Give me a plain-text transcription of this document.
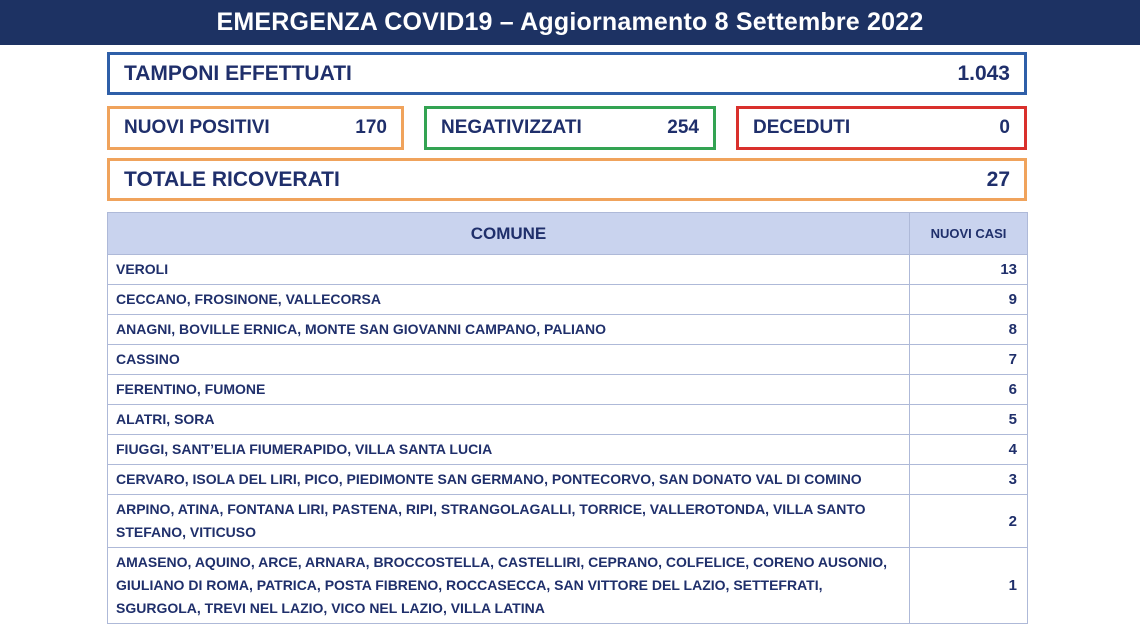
EMERGENZA COVID19 – Aggiornamento 8 Settembre 2022
TAMPONI EFFETTUATI	1.043
NUOVI POSITIVI	170	NEGATIVIZZATI	254	DECEDUTI	0
TOTALE RICOVERATI	27
COMUNE	NUOVI CASI
VEROLI	13
CECCANO, FROSINONE, VALLECORSA	9
ANAGNI, BOVILLE ERNICA, MONTE SAN GIOVANNI CAMPANO, PALIANO	8
CASSINO	7
FERENTINO, FUMONE	6
ALATRI, SORA	5
FIUGGI, SANT’ELIA FIUMERAPIDO, VILLA SANTA LUCIA	4
CERVARO, ISOLA DEL LIRI, PICO, PIEDIMONTE SAN GERMANO, PONTECORVO, SAN DONATO VAL DI COMINO	3
ARPINO, ATINA, FONTANA LIRI, PASTENA, RIPI, STRANGOLAGALLI, TORRICE, VALLEROTONDA, VILLA SANTO STEFANO, VITICUSO	2
AMASENO, AQUINO, ARCE, ARNARA, BROCCOSTELLA, CASTELLIRI, CEPRANO, COLFELICE, CORENO AUSONIO, GIULIANO DI ROMA, PATRICA, POSTA FIBRENO, ROCCASECCA, SAN VITTORE DEL LAZIO, SETTEFRATI, SGURGOLA, TREVI NEL LAZIO, VICO NEL LAZIO, VILLA LATINA	1
